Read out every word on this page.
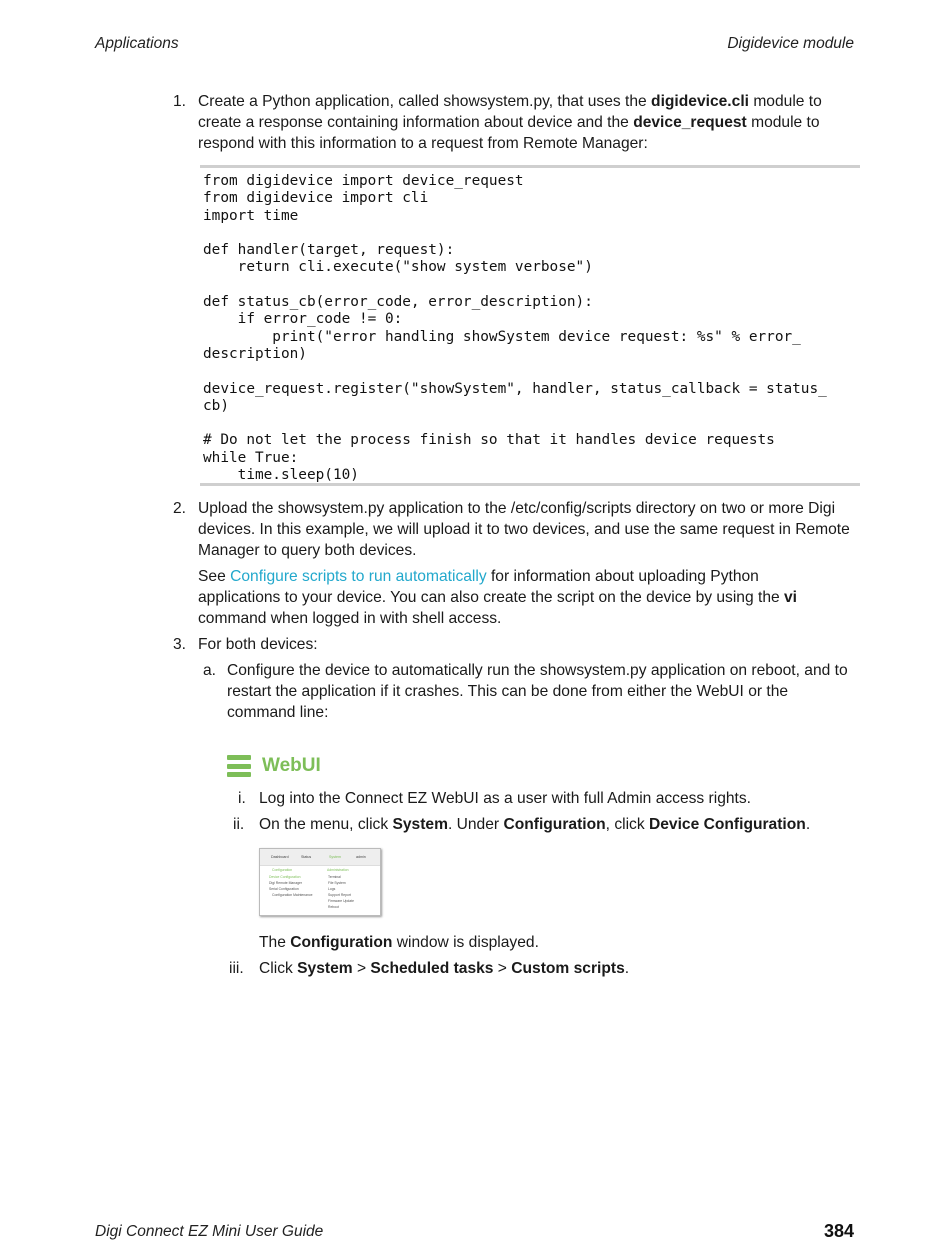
Applications	Digidevice module
1. Create a Python application, called showsystem.py, that uses the digidevice.cli module to create a response containing information about device and the device_request module to respond with this information to a request from Remote Manager:
from digidevice import device_request
from digidevice import cli
import time

def handler(target, request):
return cli.execute("show system verbose")

def status_cb(error_code, error_description):
if error_code != 0:
print("error handling showSystem device request: %s" % error_
description)

device_request.register("showSystem", handler, status_callback = status_
cb)

# Do not let the process finish so that it handles device requests
while True:
time.sleep(10)
2. Upload the showsystem.py application to the /etc/config/scripts directory on two or more Digi devices. In this example, we will upload it to two devices, and use the same request in Remote Manager to query both devices.
See Configure scripts to run automatically for information about uploading Python applications to your device. You can also create the script on the device by using the vi command when logged in with shell access.
3. For both devices:
a. Configure the device to automatically run the showsystem.py application on reboot, and to restart the application if it crashes. This can be done from either the WebUI or the command line:
WebUI
i. Log into the Connect EZ WebUI as a user with full Admin access rights.
ii. On the menu, click System. Under Configuration, click Device Configuration.
Dashboard	Status	System	admin
Configuration
Device Configuration
Digi Remote Manager
Serial Configuration
Configuration Maintenance
Administration
Terminal
File System
Logs
Support Report
Firmware Update
Reboot
The Configuration window is displayed.
iii. Click System > Scheduled tasks > Custom scripts.
Digi Connect EZ Mini User Guide	384
